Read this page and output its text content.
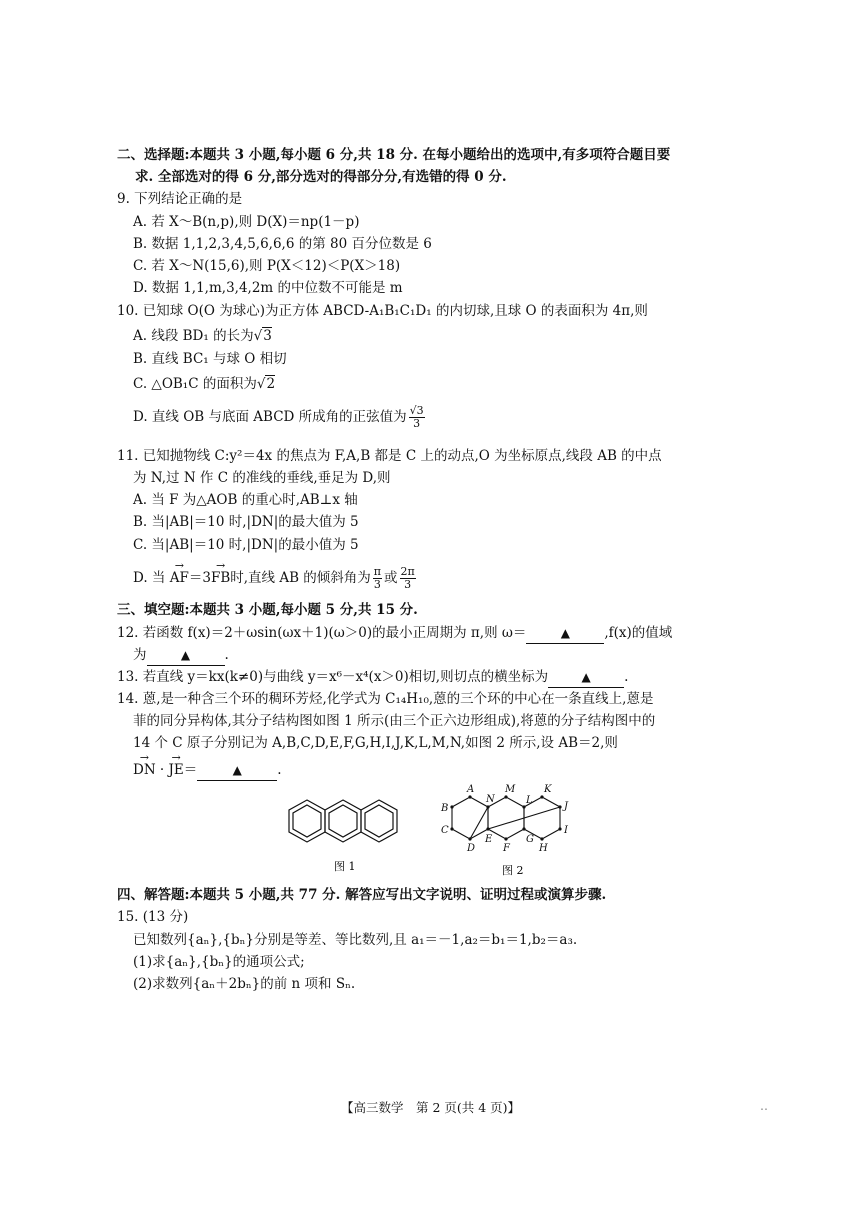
二、选择题:本题共 3 小题,每小题 6 分,共 18 分. 在每小题给出的选项中,有多项符合题目要
求. 全部选对的得 6 分,部分选对的得部分分,有选错的得 0 分.
9. 下列结论正确的是
A. 若 X～B(n,p),则 D(X)＝np(1－p)
B. 数据 1,1,2,3,4,5,6,6,6 的第 80 百分位数是 6
C. 若 X～N(15,6),则 P(X＜12)＜P(X＞18)
D. 数据 1,1,m,3,4,2m 的中位数不可能是 m
10. 已知球 O(O 为球心)为正方体 ABCD-A₁B₁C₁D₁ 的内切球,且球 O 的表面积为 4π,则
A. 线段 BD₁ 的长为√3
B. 直线 BC₁ 与球 O 相切
C. △OB₁C 的面积为√2
D. 直线 OB 与底面 ABCD 所成角的正弦值为 $\frac{√3}{3}$
11. 已知抛物线 C:y²＝4x 的焦点为 F,A,B 都是 C 上的动点,O 为坐标原点,线段 AB 的中点
为 N,过 N 作 C 的准线的垂线,垂足为 D,则
A. 当 F 为△AOB 的重心时,AB⊥x 轴
B. 当|AB|＝10 时,|DN|的最大值为 5
C. 当|AB|＝10 时,|DN|的最小值为 5
D. 当 → AF＝3→ FB时,直线 AB 的倾斜角为 $\frac{\pi}{3}$ 或 $\frac{2\pi}{3}$
三、填空题:本题共 3 小题,每小题 5 分,共 15 分.
12. 若函数 f(x)＝2＋ωsin(ωx＋1)(ω＞0)的最小正周期为 π,则 ω＝	▲	,f(x)的值域
为	▲	.
13. 若直线 y＝kx(k≠0)与曲线 y＝x⁶－x⁴(x＞0)相切,则切点的横坐标为	▲ .
14. 蒽,是一种含三个环的稠环芳烃,化学式为 C₁₄H₁₀,蒽的三个环的中心在一条直线上,蒽是
菲的同分异构体,其分子结构图如图 1 所示(由三个正六边形组成),将蒽的分子结构图中的
14 个 C 原子分别记为 A,B,C,D,E,F,G,H,I,J,K,L,M,N,如图 2 所示,设 AB＝2,则
→ DN · → JE＝	▲	.
图 1
A
B
C
D
E
F
G
H
I
J
K
L
M
N
图 2
四、解答题:本题共 5 小题,共 77 分. 解答应写出文字说明、证明过程或演算步骤.
15. (13 分)
已知数列{aₙ},{bₙ}分别是等差、等比数列,且 a₁＝－1,a₂＝b₁＝1,b₂＝a₃.
(1)求{aₙ},{bₙ}的通项公式;
(2)求数列{aₙ＋2bₙ}的前 n 项和 Sₙ.
【高三数学　第 2 页(共 4 页)】	..
